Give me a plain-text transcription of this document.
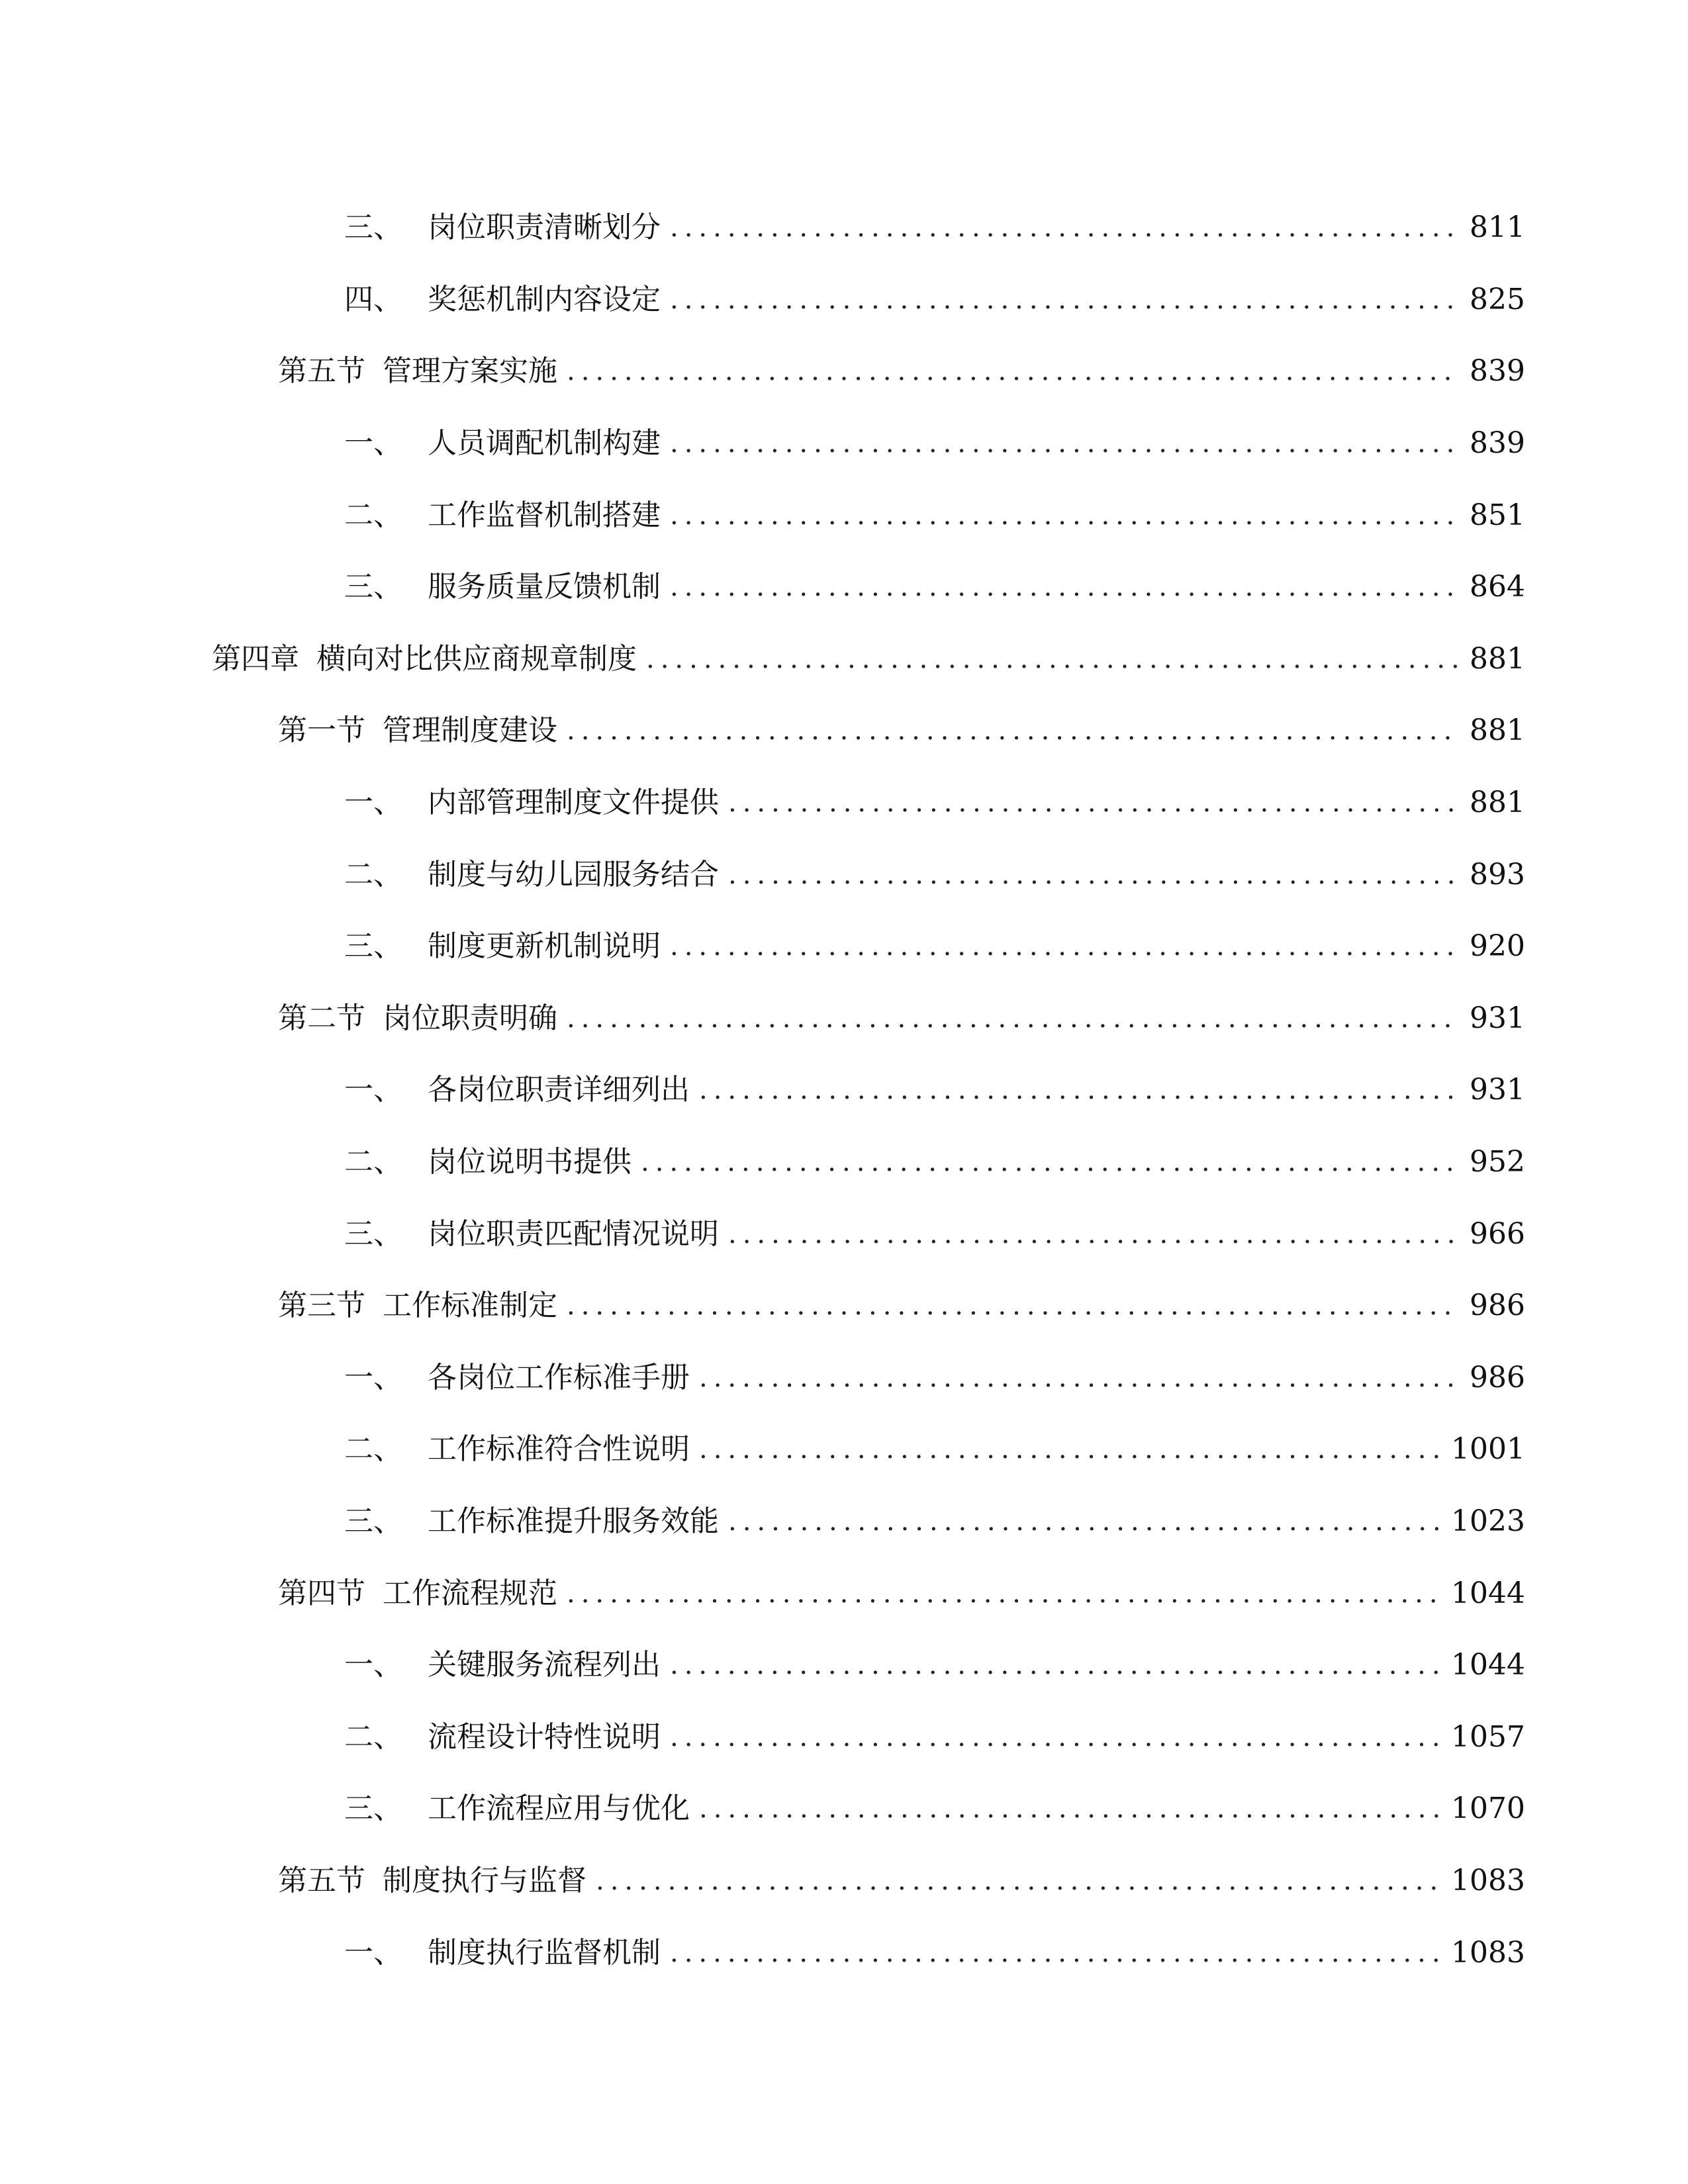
三、 岗位职责清晰划分 .....	811
四、 奖惩机制内容设定 .....	825
第五节 管理方案实施 .....	839
一、 人员调配机制构建 .....	839
二、 工作监督机制搭建 .....	851
三、 服务质量反馈机制 .....	864
第四章 横向对比供应商规章制度 .....	881
第一节 管理制度建设 .....	881
一、 内部管理制度文件提供 .....	881
二、 制度与幼儿园服务结合 .....	893
三、 制度更新机制说明 .....	920
第二节 岗位职责明确 .....	931
一、 各岗位职责详细列出 .....	931
二、 岗位说明书提供 .....	952
三、 岗位职责匹配情况说明 .....	966
第三节 工作标准制定 .....	986
一、 各岗位工作标准手册 .....	986
二、 工作标准符合性说明 .....	1001
三、 工作标准提升服务效能 .....	1023
第四节 工作流程规范 .....	1044
一、 关键服务流程列出 .....	1044
二、 流程设计特性说明 .....	1057
三、 工作流程应用与优化 .....	1070
第五节 制度执行与监督 .....	1083
一、 制度执行监督机制 .....	1083
